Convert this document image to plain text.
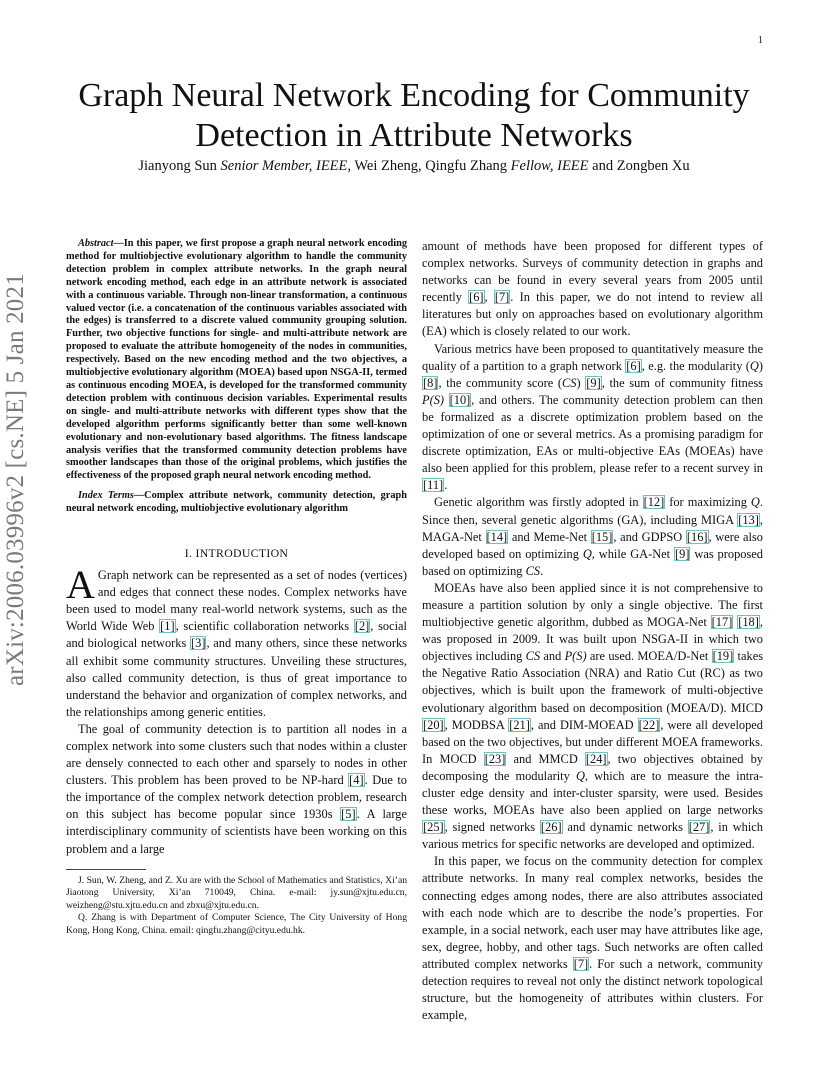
1
arXiv:2006.03996v2 [cs.NE] 5 Jan 2021
Graph Neural Network Encoding for Community
Detection in Attribute Networks
Jianyong Sun Senior Member, IEEE, Wei Zheng, Qingfu Zhang Fellow, IEEE and Zongben Xu
Abstract—In this paper, we first propose a graph neural network encoding method for multiobjective evolutionary algorithm to handle the community detection problem in complex attribute networks. In the graph neural network encoding method, each edge in an attribute network is associated with a continuous variable. Through non-linear transformation, a continuous valued vector (i.e. a concatenation of the continuous variables associated with the edges) is transferred to a discrete valued community grouping solution. Further, two objective functions for single- and multi-attribute network are proposed to evaluate the attribute homogeneity of the nodes in communities, respectively. Based on the new encoding method and the two objectives, a multiobjective evolutionary algorithm (MOEA) based upon NSGA-II, termed as continuous encoding MOEA, is developed for the transformed community detection problem with continuous decision variables. Experimental results on single- and multi-attribute networks with different types show that the developed algorithm performs significantly better than some well-known evolutionary and non-evolutionary based algorithms. The fitness landscape analysis verifies that the transformed community detection problems have smoother landscapes than those of the original problems, which justifies the effectiveness of the proposed graph neural network encoding method.
Index Terms—Complex attribute network, community detection, graph neural network encoding, multiobjective evolutionary algorithm
I. INTRODUCTION

A Graph network can be represented as a set of nodes (vertices) and edges that connect these nodes. Complex networks have been used to model many real-world network systems, such as the World Wide Web [1], scientific collaboration networks [2], social and biological networks [3], and many others, since these networks all exhibit some community structures. Unveiling these structures, also called community detection, is thus of great importance to understand the behavior and organization of complex networks, and the relationships among generic entities.

The goal of community detection is to partition all nodes in a complex network into some clusters such that nodes within a cluster are densely connected to each other and sparsely to nodes in other clusters. This problem has been proved to be NP-hard [4]. Due to the importance of the complex network detection problem, research on this subject has become popular since 1930s [5]. A large interdisciplinary community of scientists have been working on this problem and a large

J. Sun, W. Zheng, and Z. Xu are with the School of Mathematics and Statistics, Xi’an Jiaotong University, Xi’an 710049, China. e-mail: jy.sun@xjtu.edu.cn, weizheng@stu.xjtu.edu.cn and zbxu@xjtu.edu.cn.

Q. Zhang is with Department of Computer Science, The City University of Hong Kong, Hong Kong, China. email: qingfu.zhang@cityu.edu.hk.

amount of methods have been proposed for different types of complex networks. Surveys of community detection in graphs and networks can be found in every several years from 2005 until recently [6], [7]. In this paper, we do not intend to review all literatures but only on approaches based on evolutionary algorithm (EA) which is closely related to our work.

Various metrics have been proposed to quantitatively measure the quality of a partition to a graph network [6], e.g. the modularity (Q) [8], the community score (CS) [9], the sum of community fitness P(S) [10], and others. The community detection problem can then be formalized as a discrete optimization problem based on the optimization of one or several metrics. As a promising paradigm for discrete optimization, EAs or multi-objective EAs (MOEAs) have also been applied for this problem, please refer to a recent survey in [11].

Genetic algorithm was firstly adopted in [12] for maximizing Q. Since then, several genetic algorithms (GA), including MIGA [13], MAGA-Net [14] and Meme-Net [15], and GDPSO [16], were also developed based on optimizing Q, while GA-Net [9] was proposed based on optimizing CS.

MOEAs have also been applied since it is not comprehensive to measure a partition solution by only a single objective. The first multiobjective genetic algorithm, dubbed as MOGA-Net [17] [18], was proposed in 2009. It was built upon NSGA-II in which two objectives including CS and P(S) are used. MOEA/D-Net [19] takes the Negative Ratio Association (NRA) and Ratio Cut (RC) as two objectives, which is built upon the framework of multi-objective evolutionary algorithm based on decomposition (MOEA/D). MICD [20], MODBSA [21], and DIM-MOEAD [22], were all developed based on the two objectives, but under different MOEA frameworks. In MOCD [23] and MMCD [24], two objectives obtained by decomposing the modularity Q, which are to measure the intra-cluster edge density and inter-cluster sparsity, were used. Besides these works, MOEAs have also been applied on large networks [25], signed networks [26] and dynamic networks [27], in which various metrics for specific networks are developed and optimized.

In this paper, we focus on the community detection for complex attribute networks. In many real complex networks, besides the connecting edges among nodes, there are also attributes associated with each node which are to describe the node’s properties. For example, in a social network, each user may have attributes like age, sex, degree, hobby, and other tags. Such networks are often called attributed complex networks [7]. For such a network, community detection requires to reveal not only the distinct network topological structure, but the homogeneity of attributes within clusters. For example,
